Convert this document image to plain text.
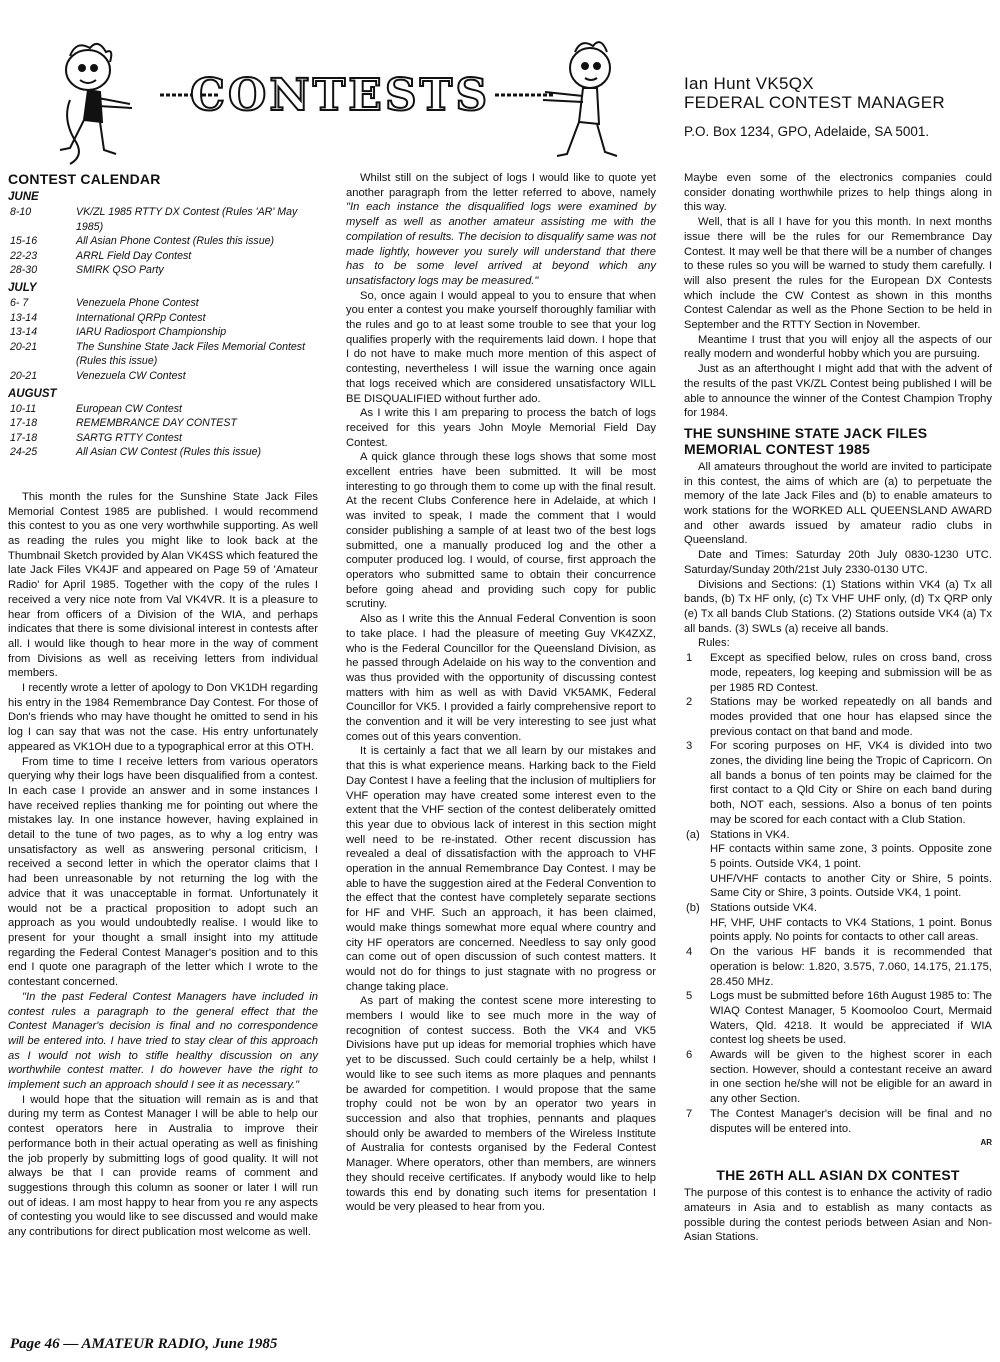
CONTESTS	Ian Hunt VK5QX
FEDERAL CONTEST MANAGER
P.O. Box 1234, GPO, Adelaide, SA 5001.
CONTEST CALENDAR
JUNE
8-10	VK/ZL 1985 RTTY DX Contest (Rules 'AR' May 1985)
15-16	All Asian Phone Contest (Rules this issue)
22-23	ARRL Field Day Contest
28-30	SMIRK QSO Party
JULY
6- 7	Venezuela Phone Contest
13-14	International QRPp Contest
13-14	IARU Radiosport Championship
20-21	The Sunshine State Jack Files Memorial Contest
(Rules this issue)
20-21	Venezuela CW Contest
AUGUST
10-11	European CW Contest
17-18	REMEMBRANCE DAY CONTEST
17-18	SARTG RTTY Contest
24-25	All Asian CW Contest (Rules this issue)

This month the rules for the Sunshine State Jack Files Memorial Contest 1985 are published. I would recommend this contest to you as one very worthwhile supporting. As well as reading the rules you might like to look back at the Thumbnail Sketch provided by Alan VK4SS which featured the late Jack Files VK4JF and appeared on Page 59 of 'Amateur Radio' for April 1985. Together with the copy of the rules I received a very nice note from Val VK4VR. It is a pleasure to hear from officers of a Division of the WIA, and perhaps indicates that there is some divisional interest in contests after all. I would like though to hear more in the way of comment from Divisions as well as receiving letters from individual members.

I recently wrote a letter of apology to Don VK1DH regarding his entry in the 1984 Remembrance Day Contest. For those of Don's friends who may have thought he omitted to send in his log I can say that was not the case. His entry unfortunately appeared as VK1OH due to a typographical error at this OTH.

From time to time I receive letters from various operators querying why their logs have been disqualified from a contest. In each case I provide an answer and in some instances I have received replies thanking me for pointing out where the mistakes lay. In one instance however, having explained in detail to the tune of two pages, as to why a log entry was unsatisfactory as well as answering personal criticism, I received a second letter in which the operator claims that I had been unreasonable by not returning the log with the advice that it was unacceptable in format. Unfortunately it would not be a practical proposition to adopt such an approach as you would undoubtedly realise. I would like to present for your thought a small insight into my attitude regarding the Federal Contest Manager's position and to this end I quote one paragraph of the letter which I wrote to the contestant concerned.

"In the past Federal Contest Managers have included in contest rules a paragraph to the general effect that the Contest Manager's decision is final and no correspondence will be entered into. I have tried to stay clear of this approach as I would not wish to stifle healthy discussion on any worthwhile contest matter. I do however have the right to implement such an approach should I see it as necessary."

I would hope that the situation will remain as is and that during my term as Contest Manager I will be able to help our contest operators here in Australia to improve their performance both in their actual operating as well as finishing the job properly by submitting logs of good quality. It will not always be that I can provide reams of comment and suggestions through this column as sooner or later I will run out of ideas. I am most happy to hear from you re any aspects of contesting you would like to see discussed and would make any contributions for direct publication most welcome as well.

Whilst still on the subject of logs I would like to quote yet another paragraph from the letter referred to above, namely "In each instance the disqualified logs were examined by myself as well as another amateur assisting me with the compilation of results. The decision to disqualify same was not made lightly, however you surely will understand that there has to be some level arrived at beyond which any unsatisfactory logs may be measured."

So, once again I would appeal to you to ensure that when you enter a contest you make yourself thoroughly familiar with the rules and go to at least some trouble to see that your log qualifies properly with the requirements laid down. I hope that I do not have to make much more mention of this aspect of contesting, nevertheless I will issue the warning once again that logs received which are considered unsatisfactory WILL BE DISQUALIFIED without further ado.

As I write this I am preparing to process the batch of logs received for this years John Moyle Memorial Field Day Contest.

A quick glance through these logs shows that some most excellent entries have been submitted. It will be most interesting to go through them to come up with the final result. At the recent Clubs Conference here in Adelaide, at which I was invited to speak, I made the comment that I would consider publishing a sample of at least two of the best logs submitted, one a manually produced log and the other a computer produced log. I would, of course, first approach the operators who submitted same to obtain their concurrence before going ahead and providing such copy for public scrutiny.

Also as I write this the Annual Federal Convention is soon to take place. I had the pleasure of meeting Guy VK4ZXZ, who is the Federal Councillor for the Queensland Division, as he passed through Adelaide on his way to the convention and was thus provided with the opportunity of discussing contest matters with him as well as with David VK5AMK, Federal Councillor for VK5. I provided a fairly comprehensive report to the convention and it will be very interesting to see just what comes out of this years convention.

It is certainly a fact that we all learn by our mistakes and that this is what experience means. Harking back to the Field Day Contest I have a feeling that the inclusion of multipliers for VHF operation may have created some interest even to the extent that the VHF section of the contest deliberately omitted this year due to obvious lack of interest in this section might well need to be re-instated. Other recent discussion has revealed a deal of dissatisfaction with the approach to VHF operation in the annual Remembrance Day Contest. I may be able to have the suggestion aired at the Federal Convention to the effect that the contest have completely separate sections for HF and VHF. Such an approach, it has been claimed, would make things somewhat more equal where country and city HF operators are concerned. Needless to say only good can come out of open discussion of such contest matters. It would not do for things to just stagnate with no progress or change taking place.

As part of making the contest scene more interesting to members I would like to see much more in the way of recognition of contest success. Both the VK4 and VK5 Divisions have put up ideas for memorial trophies which have yet to be discussed. Such could certainly be a help, whilst I would like to see such items as more plaques and pennants be awarded for competition. I would propose that the same trophy could not be won by an operator two years in succession and also that trophies, pennants and plaques should only be awarded to members of the Wireless Institute of Australia for contests organised by the Federal Contest Manager. Where operators, other than members, are winners they should receive certificates. If anybody would like to help towards this end by donating such items for presentation I would be very pleased to hear from you.

Maybe even some of the electronics companies could consider donating worthwhile prizes to help things along in this way.

Well, that is all I have for you this month. In next months issue there will be the rules for our Remembrance Day Contest. It may well be that there will be a number of changes to these rules so you will be warned to study them carefully. I will also present the rules for the European DX Contests which include the CW Contest as shown in this months Contest Calendar as well as the Phone Section to be held in September and the RTTY Section in November.

Meantime I trust that you will enjoy all the aspects of our really modern and wonderful hobby which you are pursuing.

Just as an afterthought I might add that with the advent of the results of the past VK/ZL Contest being published I will be able to announce the winner of the Contest Champion Trophy for 1984.

THE SUNSHINE STATE JACK FILES MEMORIAL CONTEST 1985

All amateurs throughout the world are invited to participate in this contest, the aims of which are (a) to perpetuate the memory of the late Jack Files and (b) to enable amateurs to work stations for the WORKED ALL QUEENSLAND AWARD and other awards issued by amateur radio clubs in Queensland.

Date and Times: Saturday 20th July 0830-1230 UTC. Saturday/Sunday 20th/21st July 2330-0130 UTC.

Divisions and Sections: (1) Stations within VK4 (a) Tx all bands, (b) Tx HF only, (c) Tx VHF UHF only, (d) Tx QRP only (e) Tx all bands Club Stations. (2) Stations outside VK4 (a) Tx all bands. (3) SWLs (a) receive all bands.

Rules:

1	Except as specified below, rules on cross band, cross mode, repeaters, log keeping and submission will be as per 1985 RD Contest.
2	Stations may be worked repeatedly on all bands and modes provided that one hour has elapsed since the previous contact on that band and mode.
3	For scoring purposes on HF, VK4 is divided into two zones, the dividing line being the Tropic of Capricorn. On all bands a bonus of ten points may be claimed for the first contact to a Qld City or Shire on each band during both, NOT each, sessions. Also a bonus of ten points may be scored for each contact with a Club Station.
(a) Stations in VK4.
HF contacts within same zone, 3 points. Opposite zone 5 points. Outside VK4, 1 point.
UHF/VHF contacts to another City or Shire, 5 points. Same City or Shire, 3 points. Outside VK4, 1 point.
(b) Stations outside VK4.
HF, VHF, UHF contacts to VK4 Stations, 1 point. Bonus points apply. No points for contacts to other call areas.
4	On the various HF bands it is recommended that operation is below: 1.820, 3.575, 7.060, 14.175, 21.175, 28.450 MHz.
5	Logs must be submitted before 16th August 1985 to: The WIAQ Contest Manager, 5 Koomooloo Court, Mermaid Waters, Qld. 4218. It would be appreciated if WIA contest log sheets be used.
6	Awards will be given to the highest scorer in each section. However, should a contestant receive an award in one section he/she will not be eligible for an award in any other Section.
7	The Contest Manager's decision will be final and no disputes will be entered into.
AR
THE 26TH ALL ASIAN DX CONTEST

The purpose of this contest is to enhance the activity of radio amateurs in Asia and to establish as many contacts as possible during the contest periods between Asian and Non-Asian Stations.

Page 46 — AMATEUR RADIO, June 1985
